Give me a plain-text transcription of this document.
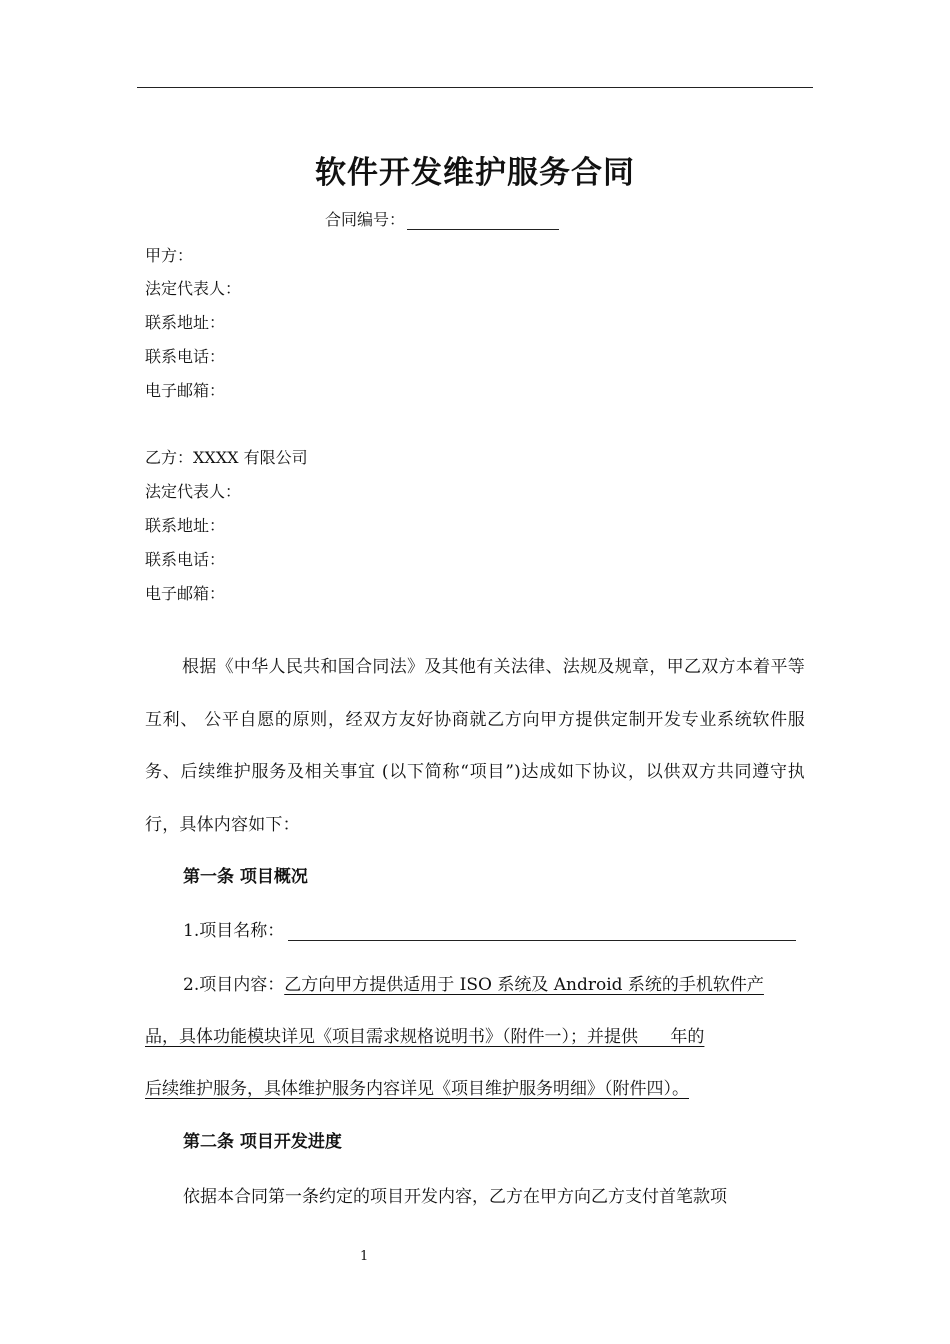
软件开发维护服务合同
合同编号：
甲方：
法定代表人：
联系地址：
联系电话：
电子邮箱：
乙方：XXXX 有限公司
法定代表人：
联系地址：
联系电话：
电子邮箱：
根据《中华人民共和国合同法》及其他有关法律、法规及规章，甲乙双方本着平等互利、 公平自愿的原则，经双方友好协商就乙方向甲方提供定制开发专业系统软件服务、后续维护服务及相关事宜 (以下简称“项目”)达成如下协议，以供双方共同遵守执行，具体内容如下：
第一条 项目概况
1.项目名称：
2.项目内容：乙方向甲方提供适用于 ISO 系统及 Android 系统的手机软件产
品，具体功能模块详见《项目需求规格说明书》（附件一）；并提供      年的
后续维护服务，具体维护服务内容详见《项目维护服务明细》（附件四）。
第二条 项目开发进度
依据本合同第一条约定的项目开发内容，乙方在甲方向乙方支付首笔款项
1
